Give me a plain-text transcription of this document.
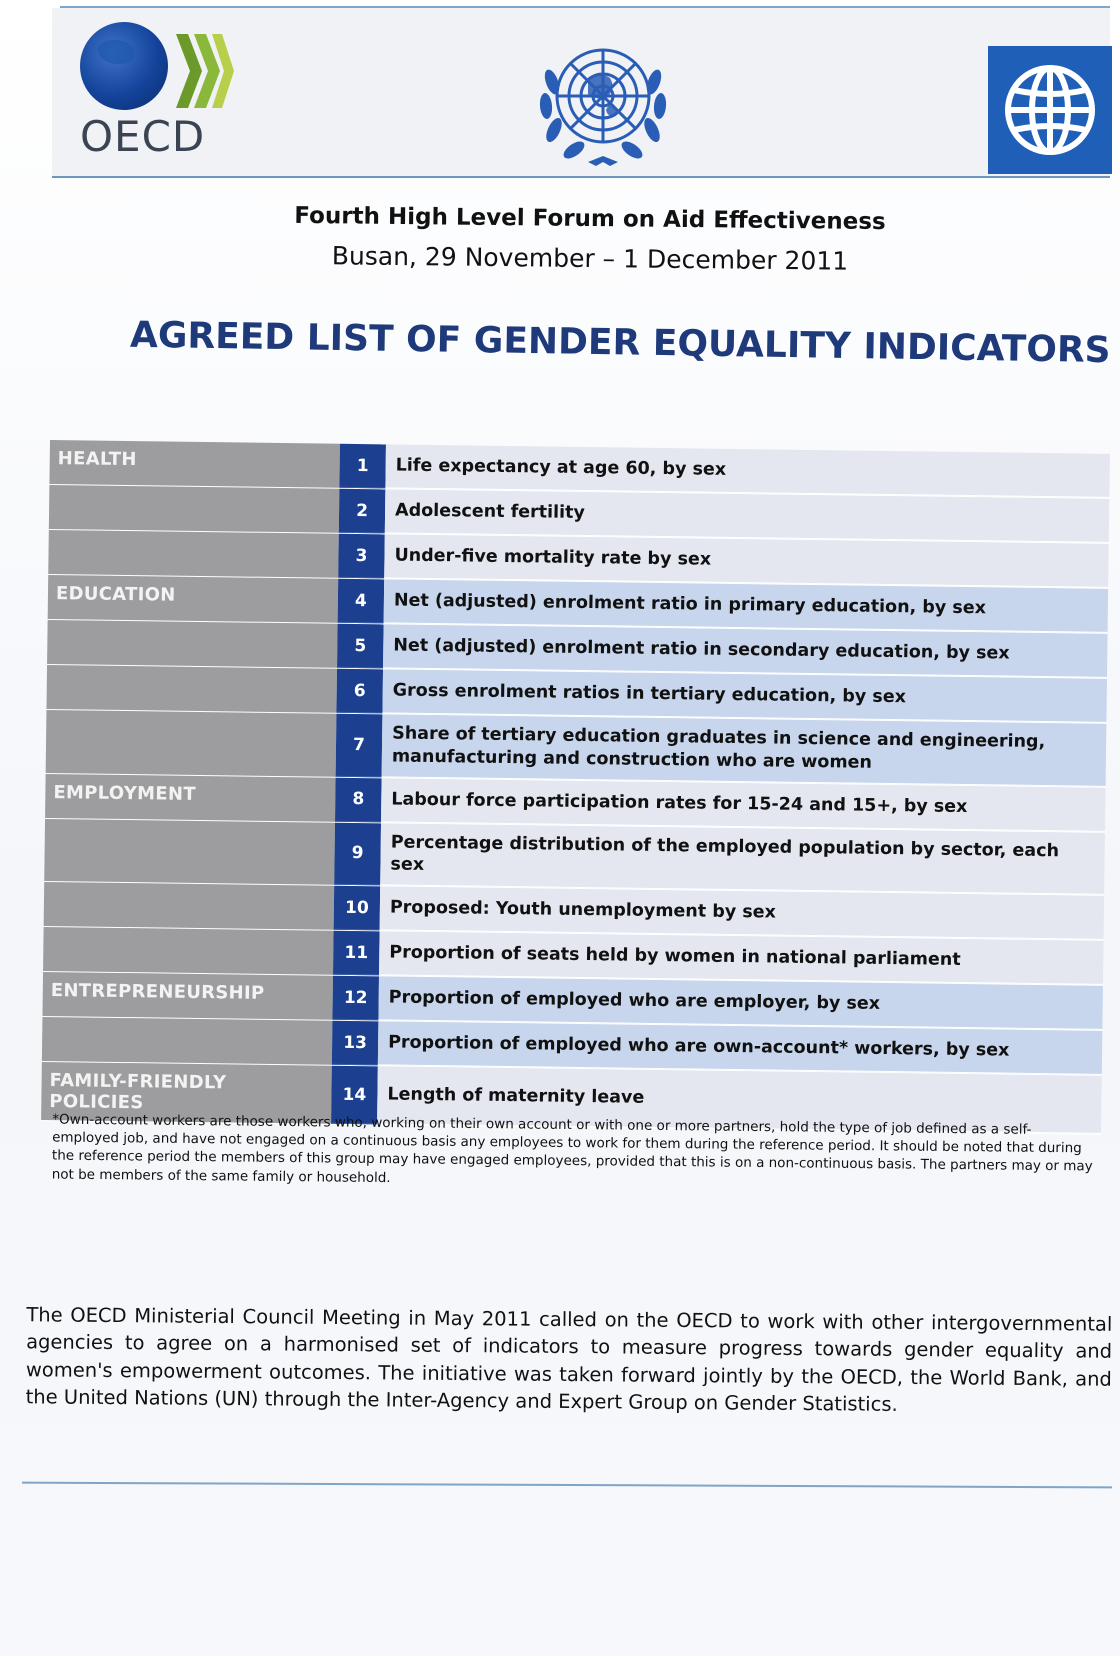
OECD
Fourth High Level Forum on Aid Effectiveness
Busan, 29 November – 1 December 2011
AGREED LIST OF GENDER EQUALITY INDICATORS
HEALTH	1	Life expectancy at age 60, by sex
2	Adolescent fertility
3	Under-five mortality rate by sex
EDUCATION	4	Net (adjusted) enrolment ratio in primary education, by sex
5	Net (adjusted) enrolment ratio in secondary education, by sex
6	Gross enrolment ratios in tertiary education, by sex
7	Share of tertiary education graduates in science and engineering, manufacturing and construction who are women
EMPLOYMENT	8	Labour force participation rates for 15-24 and 15+, by sex
9	Percentage distribution of the employed population by sector, each sex
10	Proposed: Youth unemployment by sex
11	Proportion of seats held by women in national parliament
ENTREPRENEURSHIP	12	Proportion of employed who are employer, by sex
13	Proportion of employed who are own-account* workers, by sex
FAMILY-FRIENDLY POLICIES	14	Length of maternity leave
*Own-account workers are those workers who, working on their own account or with one or more partners, hold the type of job defined as a self-employed job, and have not engaged on a continuous basis any employees to work for them during the reference period. It should be noted that during the reference period the members of this group may have engaged employees, provided that this is on a non-continuous basis. The partners may or may not be members of the same family or household.
The OECD Ministerial Council Meeting in May 2011 called on the OECD to work with other intergovernmental agencies to agree on a harmonised set of indicators to measure progress towards gender equality and women's empowerment outcomes. The initiative was taken forward jointly by the OECD, the World Bank, and the United Nations (UN) through the Inter-Agency and Expert Group on Gender Statistics.
